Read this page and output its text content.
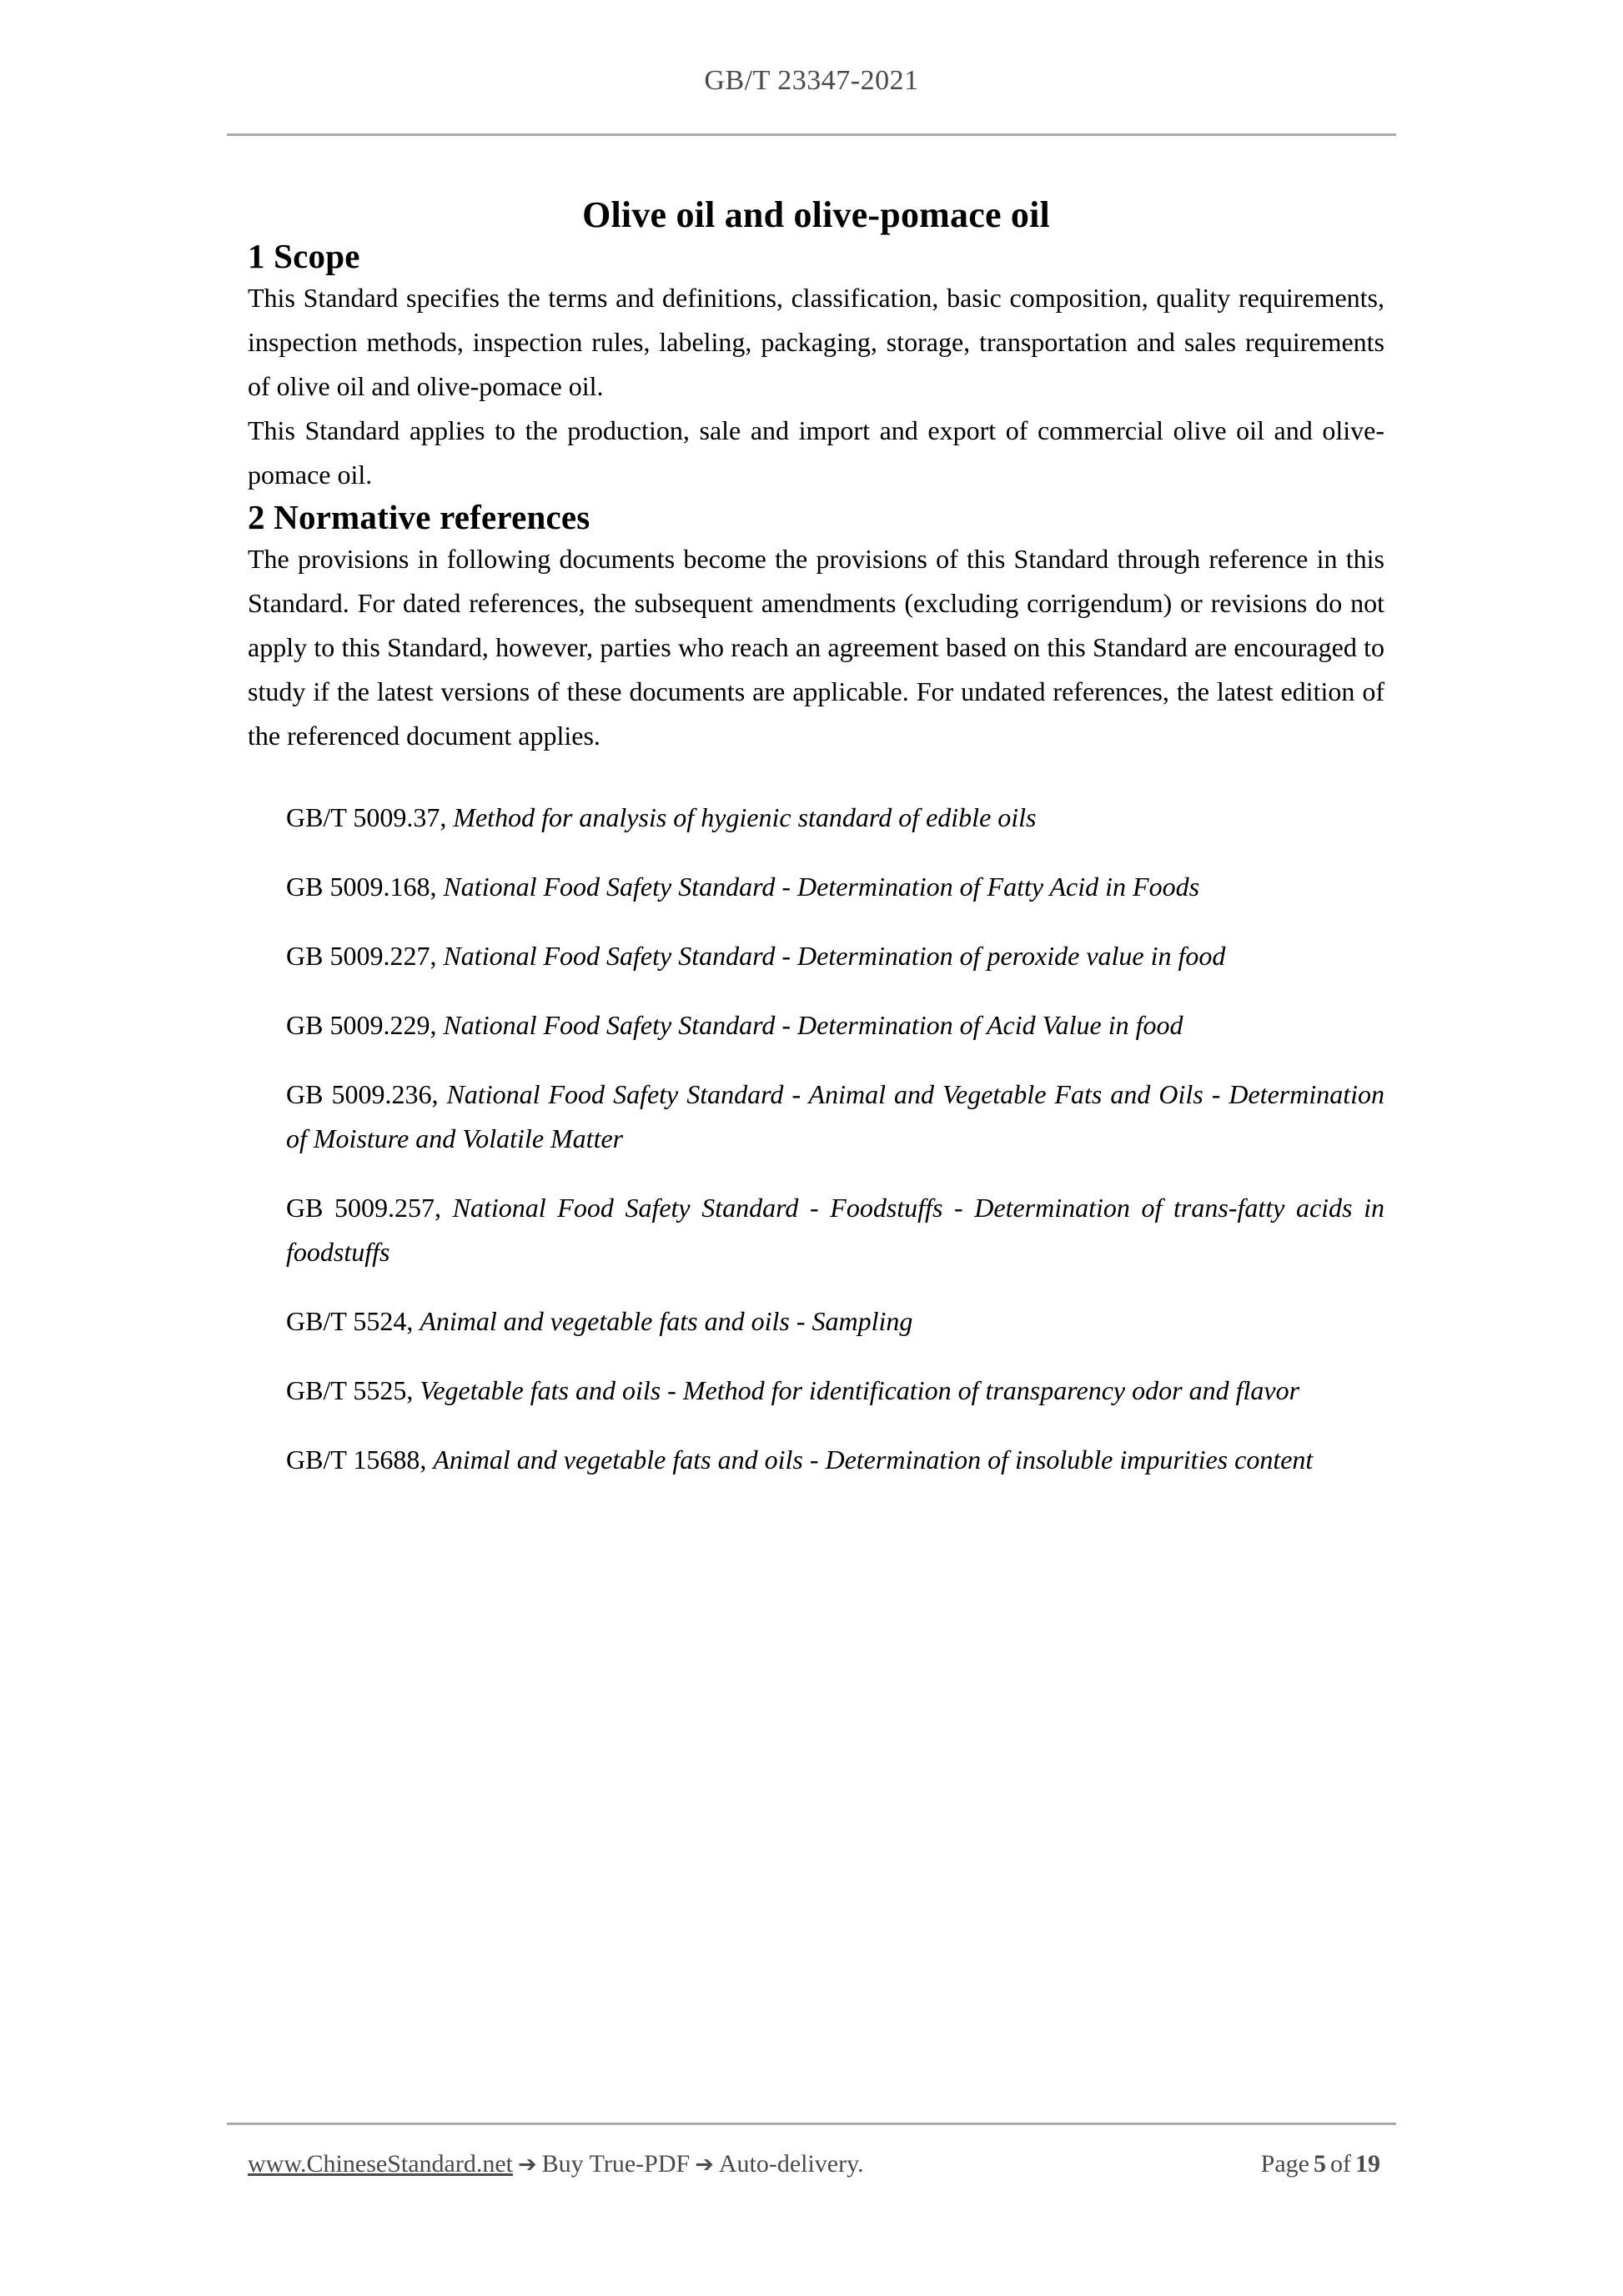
GB/T 23347-2021
Olive oil and olive-pomace oil
1 Scope

This Standard specifies the terms and definitions, classification, basic composition, quality requirements, inspection methods, inspection rules, labeling, packaging, storage, transportation and sales requirements of olive oil and olive-pomace oil.

This Standard applies to the production, sale and import and export of commercial olive oil and olive-pomace oil.

2 Normative references

The provisions in following documents become the provisions of this Standard through reference in this Standard. For dated references, the subsequent amendments (excluding corrigendum) or revisions do not apply to this Standard, however, parties who reach an agreement based on this Standard are encouraged to study if the latest versions of these documents are applicable. For undated references, the latest edition of the referenced document applies.

GB/T 5009.37, Method for analysis of hygienic standard of edible oils
GB 5009.168, National Food Safety Standard - Determination of Fatty Acid in Foods
GB 5009.227, National Food Safety Standard - Determination of peroxide value in food
GB 5009.229, National Food Safety Standard - Determination of Acid Value in food
GB 5009.236, National Food Safety Standard - Animal and Vegetable Fats and Oils - Determination of Moisture and Volatile Matter
GB 5009.257, National Food Safety Standard - Foodstuffs - Determination of trans-fatty acids in foodstuffs
GB/T 5524, Animal and vegetable fats and oils - Sampling
GB/T 5525, Vegetable fats and oils - Method for identification of transparency odor and flavor
GB/T 15688, Animal and vegetable fats and oils - Determination of insoluble impurities content
www.ChineseStandard.net ➔ Buy True-PDF ➔ Auto-delivery.	Page 5 of 19
